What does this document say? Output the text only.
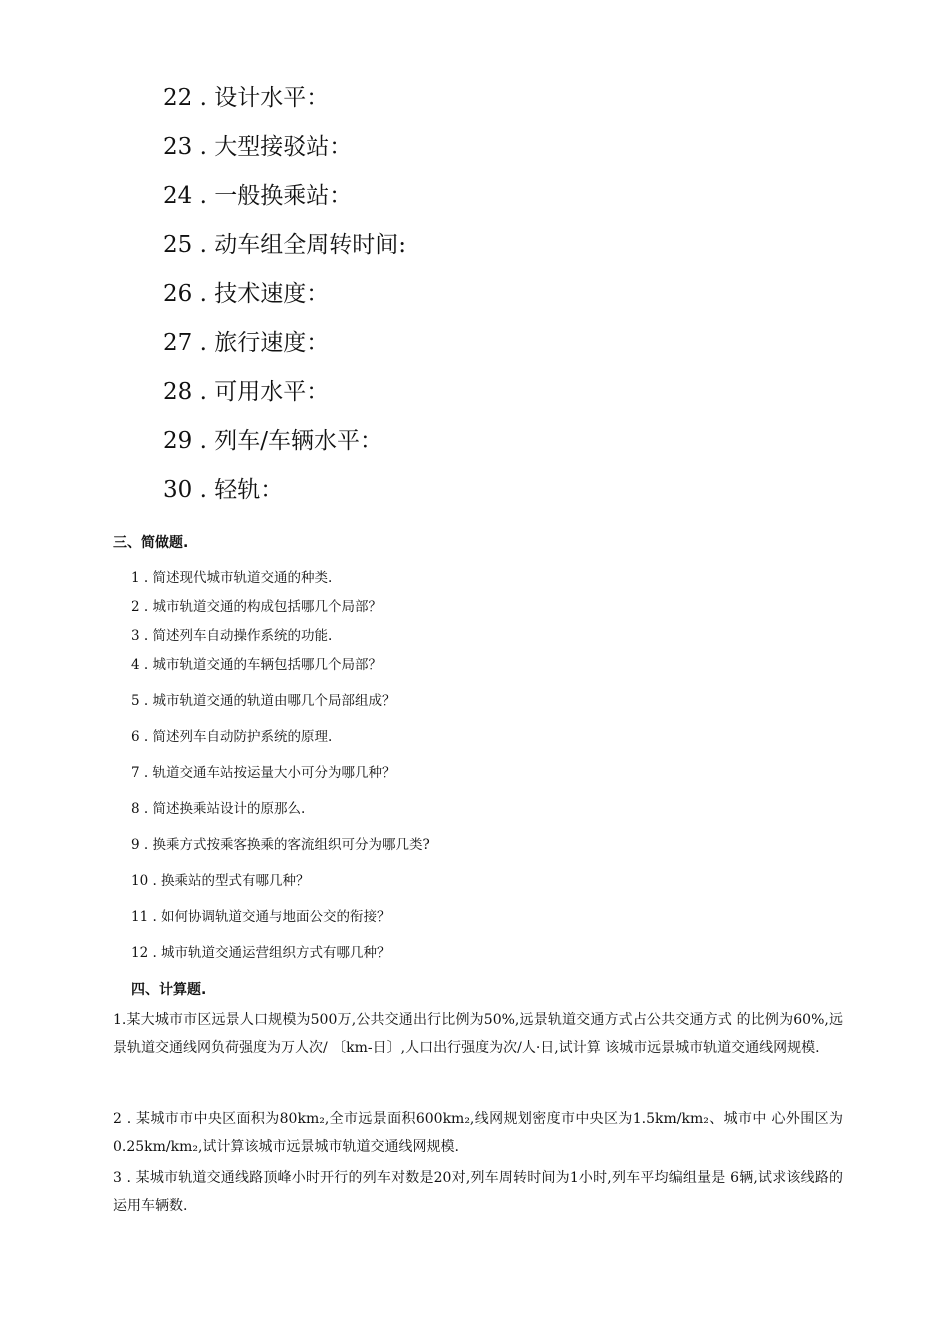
22 . 设计水平：
23 . 大型接驳站：
24 . 一般换乘站：
25 . 动车组全周转时间:
26 . 技术速度：
27 . 旅行速度：
28 . 可用水平：
29 . 列车/车辆水平：
30 . 轻轨：
三、简做题.
1 . 简述现代城市轨道交通的种类.
2 . 城市轨道交通的构成包括哪几个局部？
3 . 简述列车自动操作系统的功能.
4 . 城市轨道交通的车辆包括哪几个局部？
5 . 城市轨道交通的轨道由哪几个局部组成？
6 . 简述列车自动防护系统的原理.
7 . 轨道交通车站按运量大小可分为哪几种？
8 . 简述换乘站设计的原那么.
9 . 换乘方式按乘客换乘的客流组织可分为哪几类?
10 . 换乘站的型式有哪几种？
11 . 如何协调轨道交通与地面公交的衔接？
12 . 城市轨道交通运营组织方式有哪几种？
四、计算题.
1.某大城市市区远景人口规模为500万,公共交通出行比例为50%,远景轨道交通方式占公共交通方式 的比例为60%,远景轨道交通线网负荷强度为万人次/ 〔km-日〕,人口出行强度为次/人·日,试计算 该城市远景城市轨道交通线网规模.
2 . 某城市市中央区面积为80km₂,全市远景面积600km₂,线网规划密度市中央区为1.5km/km₂、城市中 心外围区为0.25km/km₂,试计算该城市远景城市轨道交通线网规模.
3 . 某城市轨道交通线路顶峰小时开行的列车对数是20对,列车周转时间为1小时,列车平均编组量是 6辆,试求该线路的运用车辆数.
